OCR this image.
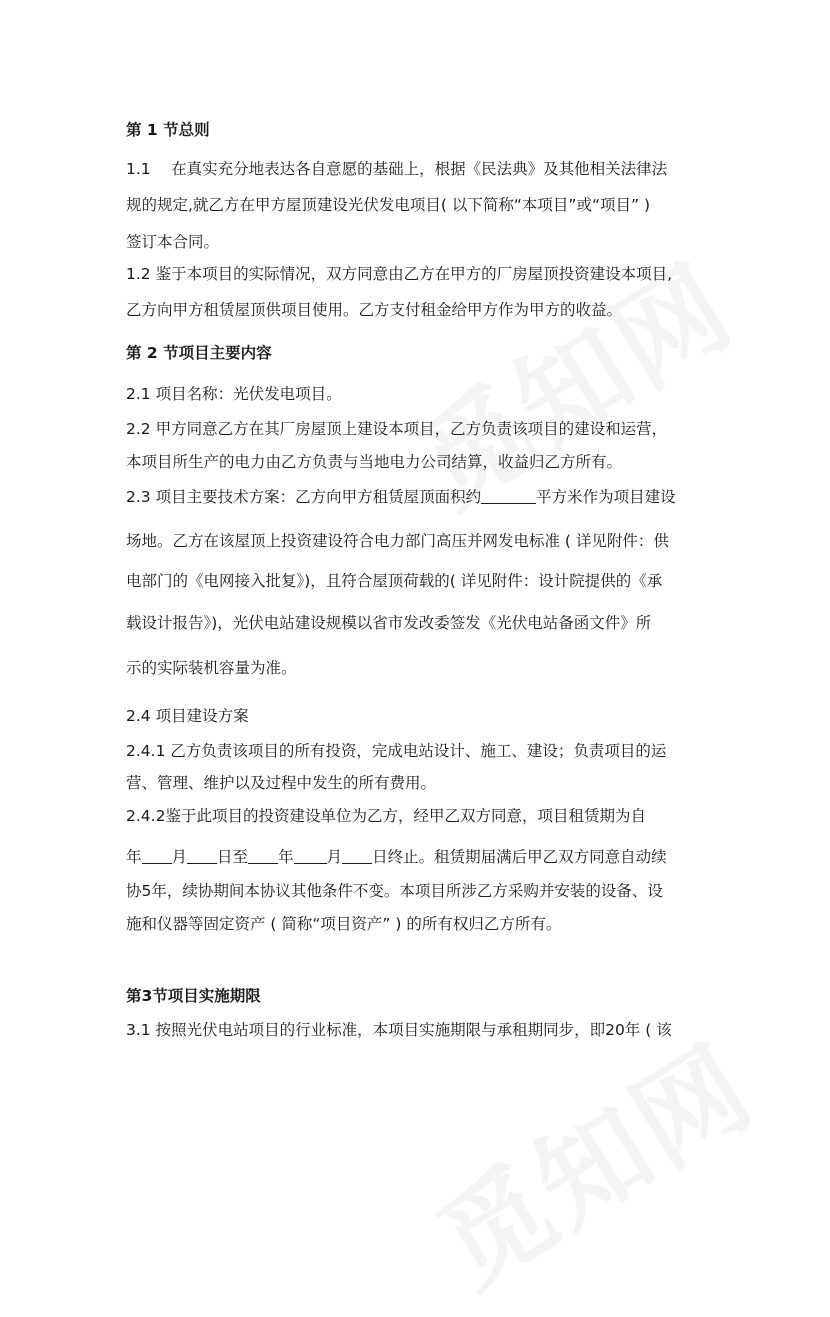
第 1 节总则
1.1　 在真实充分地表达各自意愿的基础上，根据《民法典》及其他相关法律法
规的规定,就乙方在甲方屋顶建设光伏发电项目( 以下简称“本项目”或“项目” )
签订本合同。
1.2 鉴于本项目的实际情况，双方同意由乙方在甲方的厂房屋顶投资建设本项目,
乙方向甲方租赁屋顶供项目使用。乙方支付租金给甲方作为甲方的收益。
第 2 节项目主要内容
2.1 项目名称：光伏发电项目。
2.2 甲方同意乙方在其厂房屋顶上建设本项目，乙方负责该项目的建设和运营，
本项目所生产的电力由乙方负责与当地电力公司结算，收益归乙方所有。
2.3 项目主要技术方案：乙方向甲方租赁屋顶面积约	平方米作为项目建设
场地。乙方在该屋顶上投资建设符合电力部门高压并网发电标准 ( 详见附件：供
电部门的《电网接入批复》)，且符合屋顶荷载的( 详见附件：设计院提供的《承
载设计报告》)，光伏电站建设规模以省市发改委签发《光伏电站备函文件》所
示的实际装机容量为准。
2.4 项目建设方案
2.4.1 乙方负责该项目的所有投资，完成电站设计、施工、建设；负责项目的运
营、管理、维护以及过程中发生的所有费用。
2.4.2鉴于此项目的投资建设单位为乙方，经甲乙双方同意，项目租赁期为自
年 月 日至 年 月 日终止。租赁期届满后甲乙双方同意自动续
协5年，续协期间本协议其他条件不变。本项目所涉乙方采购并安装的设备、设
施和仪器等固定资产 ( 简称“项目资产” ) 的所有权归乙方所有。
第3节项目实施期限
3.1 按照光伏电站项目的行业标准，本项目实施期限与承租期同步，即20年 ( 该
